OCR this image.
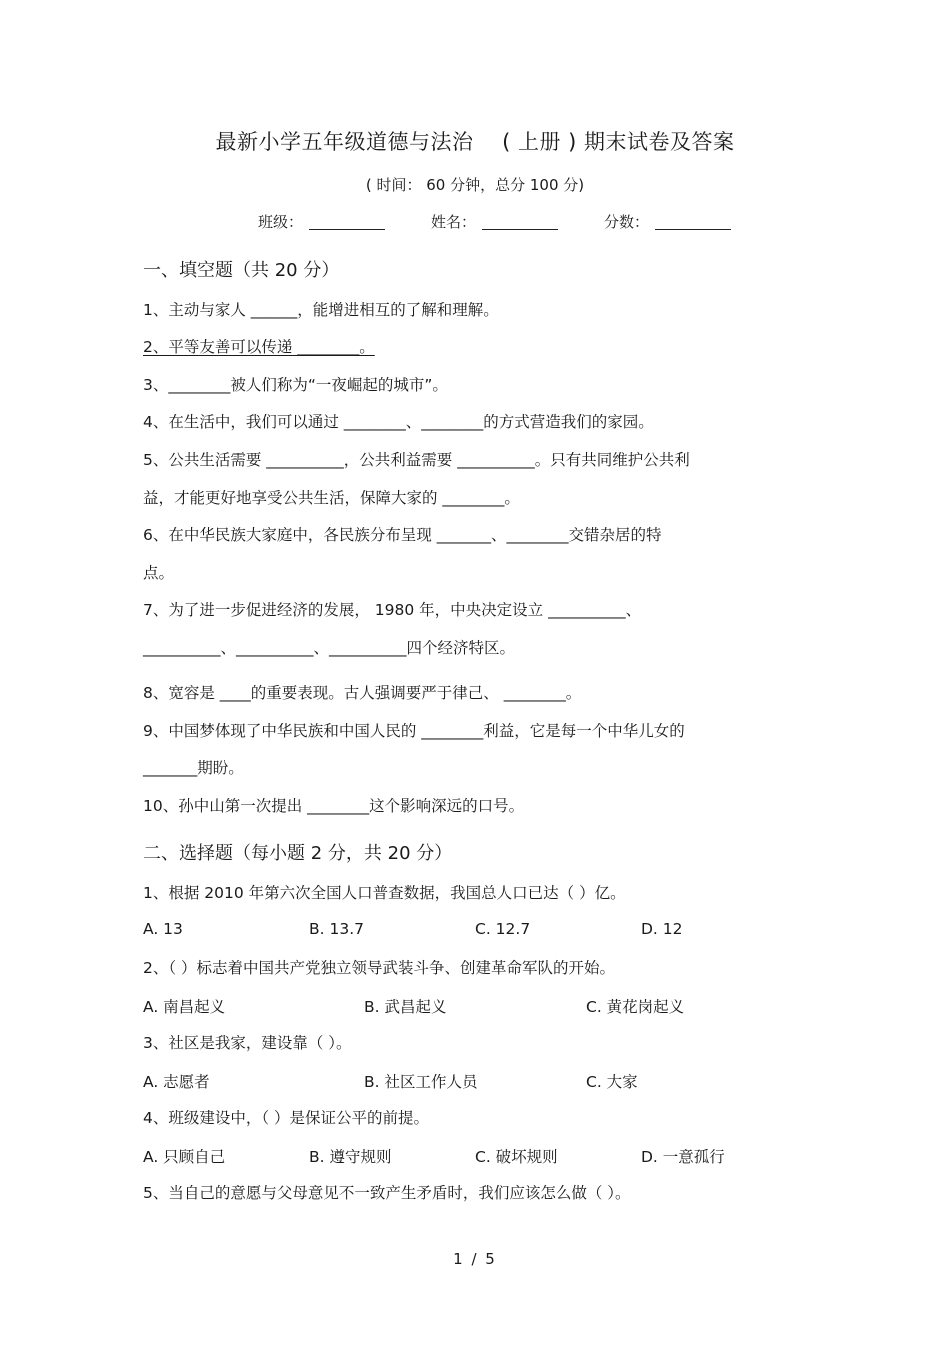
最新小学五年级道德与法治　 ( 上册 ) 期末试卷及答案
( 时间： 60 分钟，总分 100 分)
班级：	姓名：	分数：
一、填空题（共 20 分）
1、主动与家人 ______，能增进相互的了解和理解。
2、平等友善可以传递 ________。
3、________被人们称为“一夜崛起的城市”。
4、在生活中，我们可以通过 ________、________的方式营造我们的家园。
5、公共生活需要 __________，公共利益需要 __________。只有共同维护公共利
益，才能更好地享受公共生活，保障大家的 ________。
6、在中华民族大家庭中，各民族分布呈现 _______、________交错杂居的特
点。
7、为了进一步促进经济的发展， 1980 年，中央决定设立 __________、
__________、__________、__________四个经济特区。
8、宽容是 ____的重要表现。古人强调要严于律己、 ________。
9、中国梦体现了中华民族和中国人民的 ________利益，它是每一个中华儿女的
_______期盼。
10、孙中山第一次提出 ________这个影响深远的口号。
二、选择题（每小题 2 分，共 20 分）
1、根据 2010 年第六次全国人口普查数据，我国总人口已达（ ）亿。
A. 13	B. 13.7	C. 12.7	D. 12
2、（ ）标志着中国共产党独立领导武装斗争、创建革命军队的开始。
A. 南昌起义	B. 武昌起义	C. 黄花岗起义
3、社区是我家，建设靠（ ）。
A. 志愿者	B. 社区工作人员	C. 大家
4、班级建设中，（ ）是保证公平的前提。
A. 只顾自己	B. 遵守规则	C. 破坏规则	D. 一意孤行
5、当自己的意愿与父母意见不一致产生矛盾时，我们应该怎么做（ ）。
1 / 5
